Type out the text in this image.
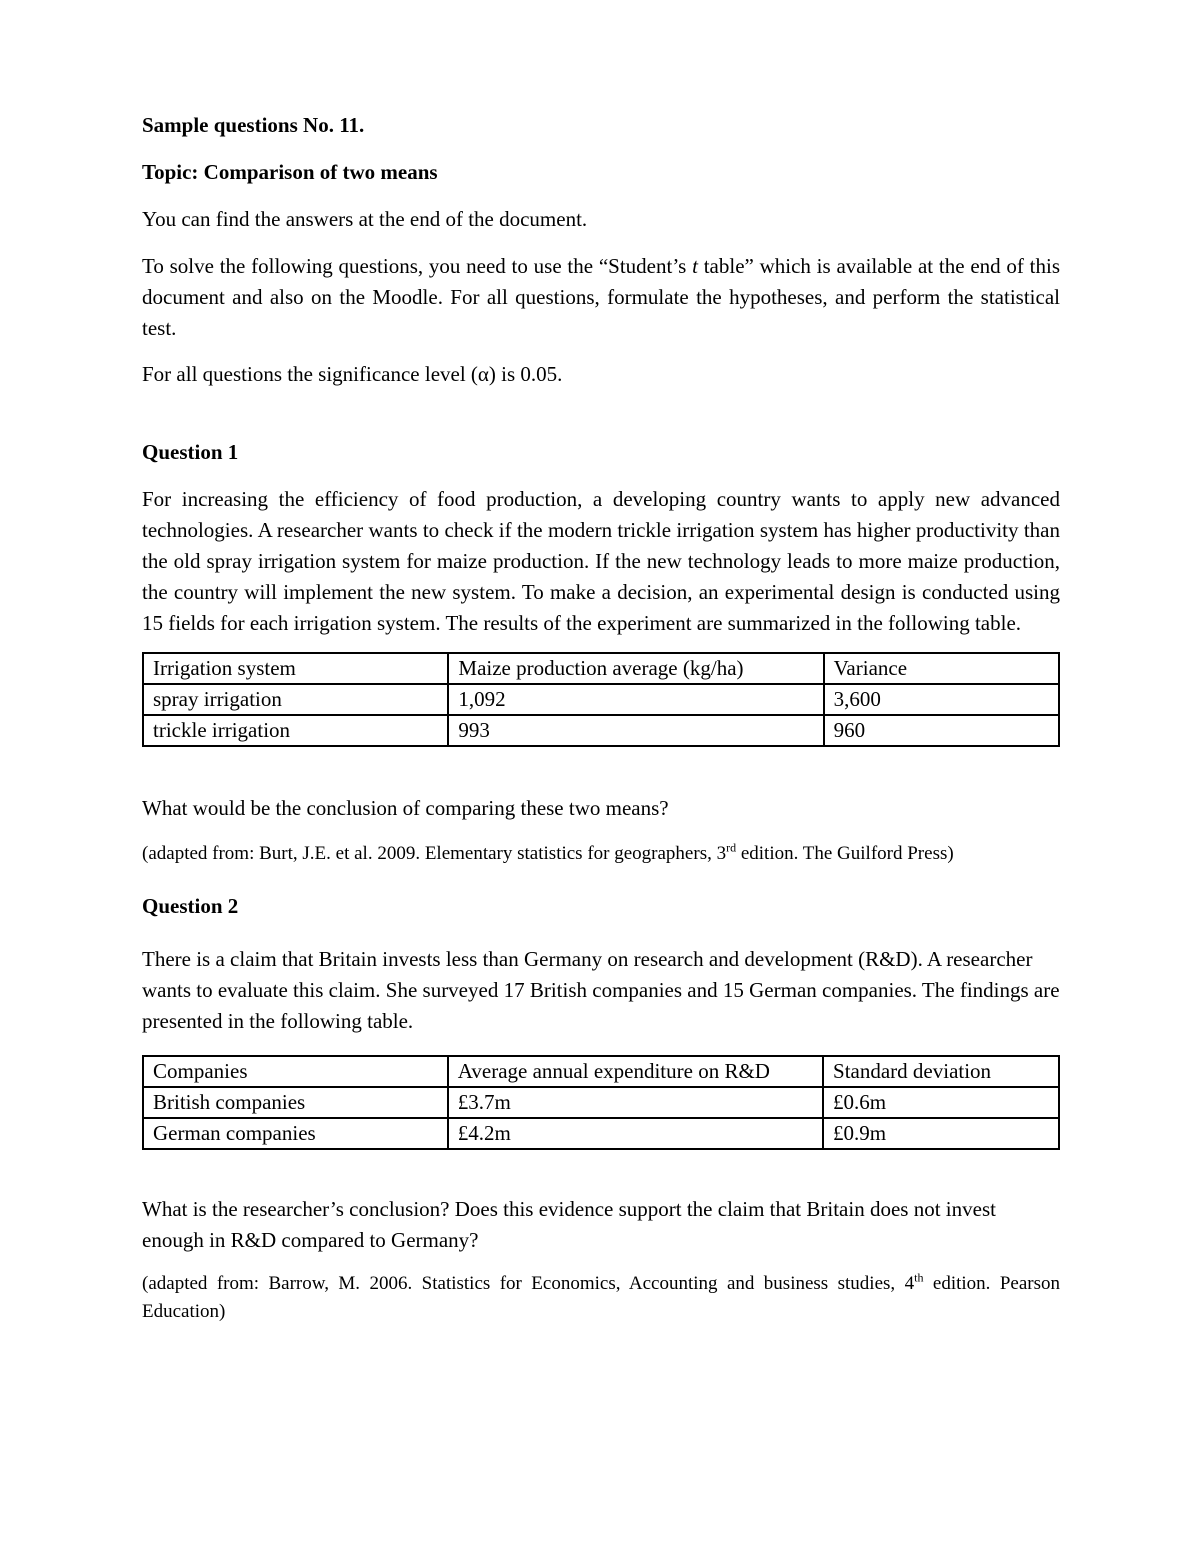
Sample questions No. 11.

Topic: Comparison of two means

You can find the answers at the end of the document.

To solve the following questions, you need to use the “Student’s t table” which is available at the end of this document and also on the Moodle. For all questions, formulate the hypotheses, and perform the statistical test.

For all questions the significance level (α) is 0.05.

Question 1

For increasing the efficiency of food production, a developing country wants to apply new advanced technologies. A researcher wants to check if the modern trickle irrigation system has higher productivity than the old spray irrigation system for maize production. If the new technology leads to more maize production, the country will implement the new system. To make a decision, an experimental design is conducted using 15 fields for each irrigation system. The results of the experiment are summarized in the following table.

Irrigation system	Maize production average (kg/ha)	Variance
spray irrigation	1,092	3,600
trickle irrigation	993	960

What would be the conclusion of comparing these two means?

(adapted from: Burt, J.E. et al. 2009. Elementary statistics for geographers, 3rd edition. The Guilford Press)

Question 2

There is a claim that Britain invests less than Germany on research and development (R&D). A researcher wants to evaluate this claim. She surveyed 17 British companies and 15 German companies. The findings are presented in the following table.

Companies	Average annual expenditure on R&D	Standard deviation
British companies	£3.7m	£0.6m
German companies	£4.2m	£0.9m

What is the researcher’s conclusion? Does this evidence support the claim that Britain does not invest enough in R&D compared to Germany?

(adapted from: Barrow, M. 2006. Statistics for Economics, Accounting and business studies, 4th edition. Pearson Education)
